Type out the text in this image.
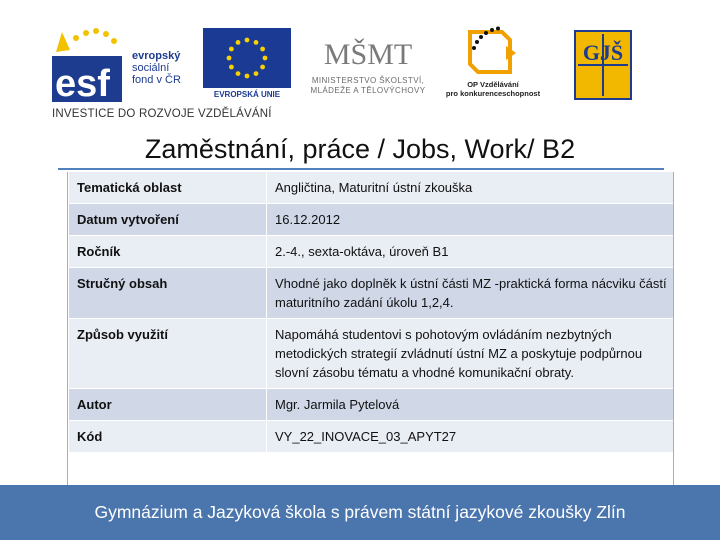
esf
evropský
sociální
fond v ČR
EVROPSKÁ UNIE
MŠMT
MINISTERSTVO ŠKOLSTVÍ,
MLÁDEŽE A TĚLOVÝCHOVY
OP Vzdělávání
pro konkurenceschopnost
GJŠ
INVESTICE DO ROZVOJE VZDĚLÁVÁNÍ
Zaměstnání, práce / Jobs, Work/ B2
Tematická oblast	Angličtina, Maturitní ústní zkouška
Datum vytvoření	16.12.2012
Ročník	2.-4., sexta-oktáva, úroveň B1
Stručný obsah	Vhodné jako doplněk k ústní části MZ -praktická forma nácviku částí maturitního zadání úkolu 1,2,4.
Způsob využití	Napomáhá studentovi s pohotovým ovládáním nezbytných metodických strategií zvládnutí ústní MZ a poskytuje podpůrnou slovní zásobu tématu a vhodné komunikační obraty.
Autor	Mgr. Jarmila Pytelová
Kód	VY_22_INOVACE_03_APYT27
Gymnázium a Jazyková škola s právem státní jazykové zkoušky Zlín
